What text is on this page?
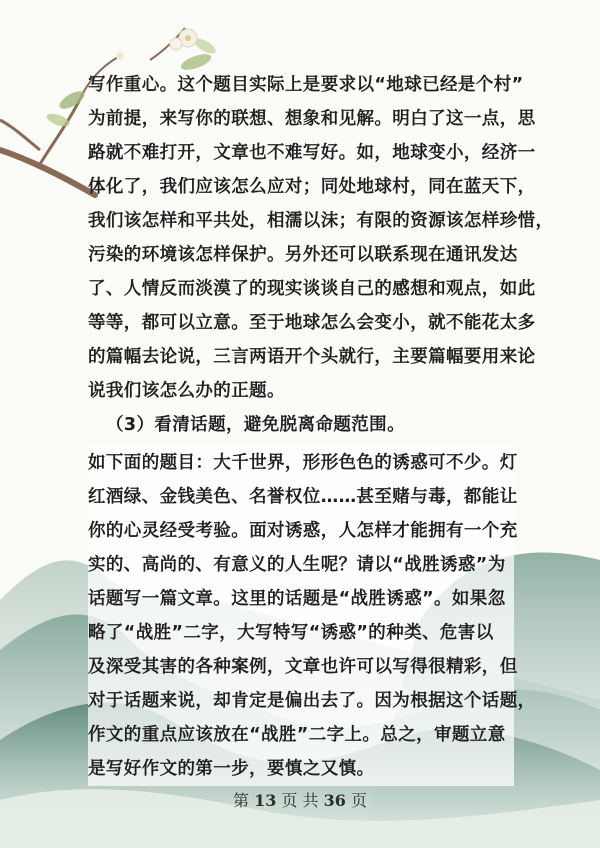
写作重心。这个题目实际上是要求以“地球已经是个村”
为前提，来写你的联想、想象和见解。明白了这一点，思
路就不难打开，文章也不难写好。如，地球变小，经济一
体化了，我们应该怎么应对；同处地球村，同在蓝天下，
我们该怎样和平共处，相濡以沫；有限的资源该怎样珍惜，
污染的环境该怎样保护。另外还可以联系现在通讯发达
了、人情反而淡漠了的现实谈谈自己的感想和观点，如此
等等，都可以立意。至于地球怎么会变小，就不能花太多
的篇幅去论说，三言两语开个头就行，主要篇幅要用来论
说我们该怎么办的正题。
（3）看清话题，避免脱离命题范围。
如下面的题目：大千世界，形形色色的诱惑可不少。灯
红酒绿、金钱美色、名誉权位……甚至赌与毒，都能让
你的心灵经受考验。面对诱惑，人怎样才能拥有一个充
实的、高尚的、有意义的人生呢？请以“战胜诱惑”为
话题写一篇文章。这里的话题是“战胜诱惑”。如果忽
略了“战胜”二字，大写特写“诱惑”的种类、危害以
及深受其害的各种案例，文章也许可以写得很精彩，但
对于话题来说，却肯定是偏出去了。因为根据这个话题，
作文的重点应该放在“战胜”二字上。总之，审题立意
是写好作文的第一步，要慎之又慎。
第 13 页 共 36 页
